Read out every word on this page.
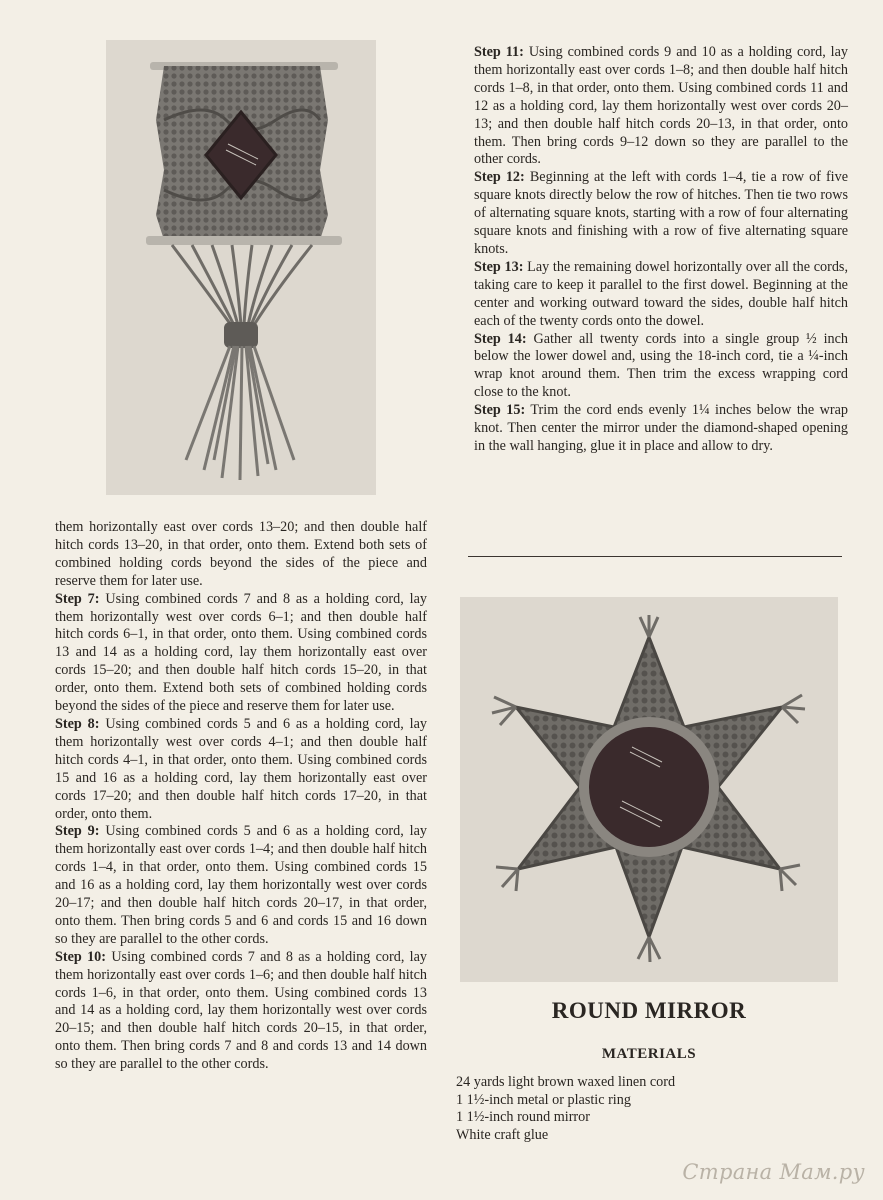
them horizontally east over cords 13–20; and then double half hitch cords 13–20, in that order, onto them. Extend both sets of combined holding cords beyond the sides of the piece and reserve them for later use.

Step 7: Using combined cords 7 and 8 as a holding cord, lay them horizontally west over cords 6–1; and then double half hitch cords 6–1, in that order, onto them. Using combined cords 13 and 14 as a holding cord, lay them horizontally east over cords 15–20; and then double half hitch cords 15–20, in that order, onto them. Extend both sets of combined holding cords beyond the sides of the piece and reserve them for later use.

Step 8: Using combined cords 5 and 6 as a holding cord, lay them horizontally west over cords 4–1; and then double half hitch cords 4–1, in that order, onto them. Using combined cords 15 and 16 as a holding cord, lay them horizontally east over cords 17–20; and then double half hitch cords 17–20, in that order, onto them.

Step 9: Using combined cords 5 and 6 as a holding cord, lay them horizontally east over cords 1–4; and then double half hitch cords 1–4, in that order, onto them. Using combined cords 15 and 16 as a holding cord, lay them horizontally west over cords 20–17; and then double half hitch cords 20–17, in that order, onto them. Then bring cords 5 and 6 and cords 15 and 16 down so they are parallel to the other cords.

Step 10: Using combined cords 7 and 8 as a holding cord, lay them horizontally east over cords 1–6; and then double half hitch cords 1–6, in that order, onto them. Using combined cords 13 and 14 as a holding cord, lay them horizontally west over cords 20–15; and then double half hitch cords 20–15, in that order, onto them. Then bring cords 7 and 8 and cords 13 and 14 down so they are parallel to the other cords.

Step 11: Using combined cords 9 and 10 as a holding cord, lay them horizontally east over cords 1–8; and then double half hitch cords 1–8, in that order, onto them. Using combined cords 11 and 12 as a holding cord, lay them horizontally west over cords 20–13; and then double half hitch cords 20–13, in that order, onto them. Then bring cords 9–12 down so they are parallel to the other cords.

Step 12: Beginning at the left with cords 1–4, tie a row of five square knots directly below the row of hitches. Then tie two rows of alternating square knots, starting with a row of four alternating square knots and finishing with a row of five alternating square knots.

Step 13: Lay the remaining dowel horizontally over all the cords, taking care to keep it parallel to the first dowel. Beginning at the center and working outward toward the sides, double half hitch each of the twenty cords onto the dowel.

Step 14: Gather all twenty cords into a single group ½ inch below the lower dowel and, using the 18-inch cord, tie a ¼-inch wrap knot around them. Then trim the excess wrapping cord close to the knot.

Step 15: Trim the cord ends evenly 1¼ inches below the wrap knot. Then center the mirror under the diamond-shaped opening in the wall hanging, glue it in place and allow to dry.

ROUND MIRROR
MATERIALS
24 yards light brown waxed linen cord
1 1½-inch metal or plastic ring
1 1½-inch round mirror
White craft glue
Страна Мам.ру
